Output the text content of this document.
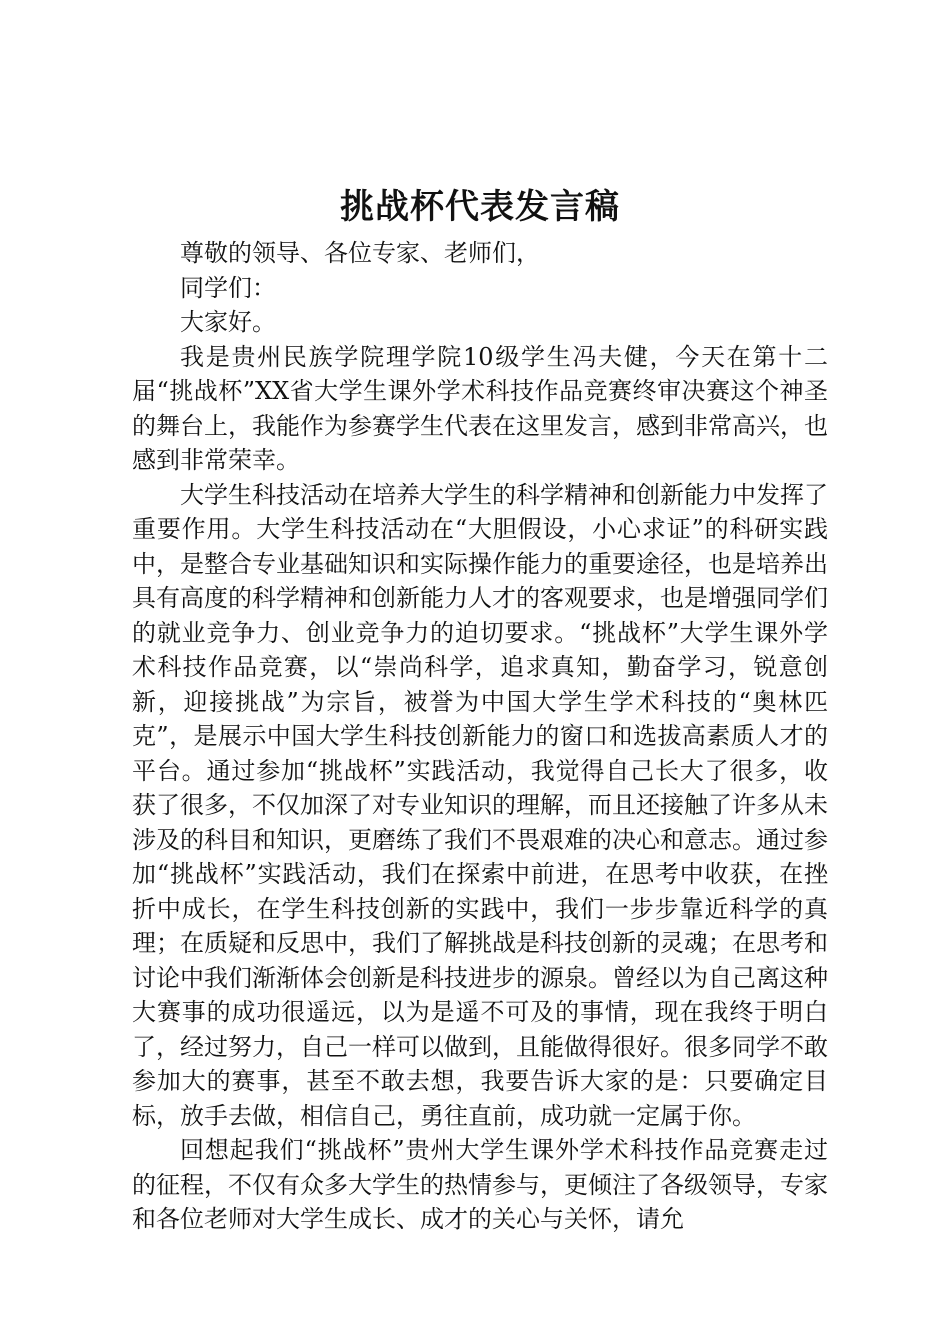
挑战杯代表发言稿

尊敬的领导、各位专家、老师们，

同学们：

大家好。

我是贵州民族学院理学院10级学生冯夫健，今天在第十二届“挑战杯”XX省大学生课外学术科技作品竞赛终审决赛这个神圣的舞台上，我能作为参赛学生代表在这里发言，感到非常高兴，也感到非常荣幸。

大学生科技活动在培养大学生的科学精神和创新能力中发挥了重要作用。大学生科技活动在“大胆假设，小心求证”的科研实践中，是整合专业基础知识和实际操作能力的重要途径，也是培养出具有高度的科学精神和创新能力人才的客观要求，也是增强同学们的就业竞争力、创业竞争力的迫切要求。“挑战杯”大学生课外学术科技作品竞赛，以“崇尚科学，追求真知，勤奋学习，锐意创新，迎接挑战”为宗旨，被誉为中国大学生学术科技的“奥林匹克”，是展示中国大学生科技创新能力的窗口和选拔高素质人才的平台。通过参加“挑战杯”实践活动，我觉得自己长大了很多，收获了很多，不仅加深了对专业知识的理解，而且还接触了许多从未涉及的科目和知识，更磨练了我们不畏艰难的决心和意志。通过参加“挑战杯”实践活动，我们在探索中前进，在思考中收获，在挫折中成长，在学生科技创新的实践中，我们一步步靠近科学的真理；在质疑和反思中，我们了解挑战是科技创新的灵魂；在思考和讨论中我们渐渐体会创新是科技进步的源泉。曾经以为自己离这种大赛事的成功很遥远，以为是遥不可及的事情，现在我终于明白了，经过努力，自己一样可以做到，且能做得很好。很多同学不敢参加大的赛事，甚至不敢去想，我要告诉大家的是：只要确定目标，放手去做，相信自己，勇往直前，成功就一定属于你。

回想起我们“挑战杯”贵州大学生课外学术科技作品竞赛走过的征程，不仅有众多大学生的热情参与，更倾注了各级领导，专家和各位老师对大学生成长、成才的关心与关怀，请允
